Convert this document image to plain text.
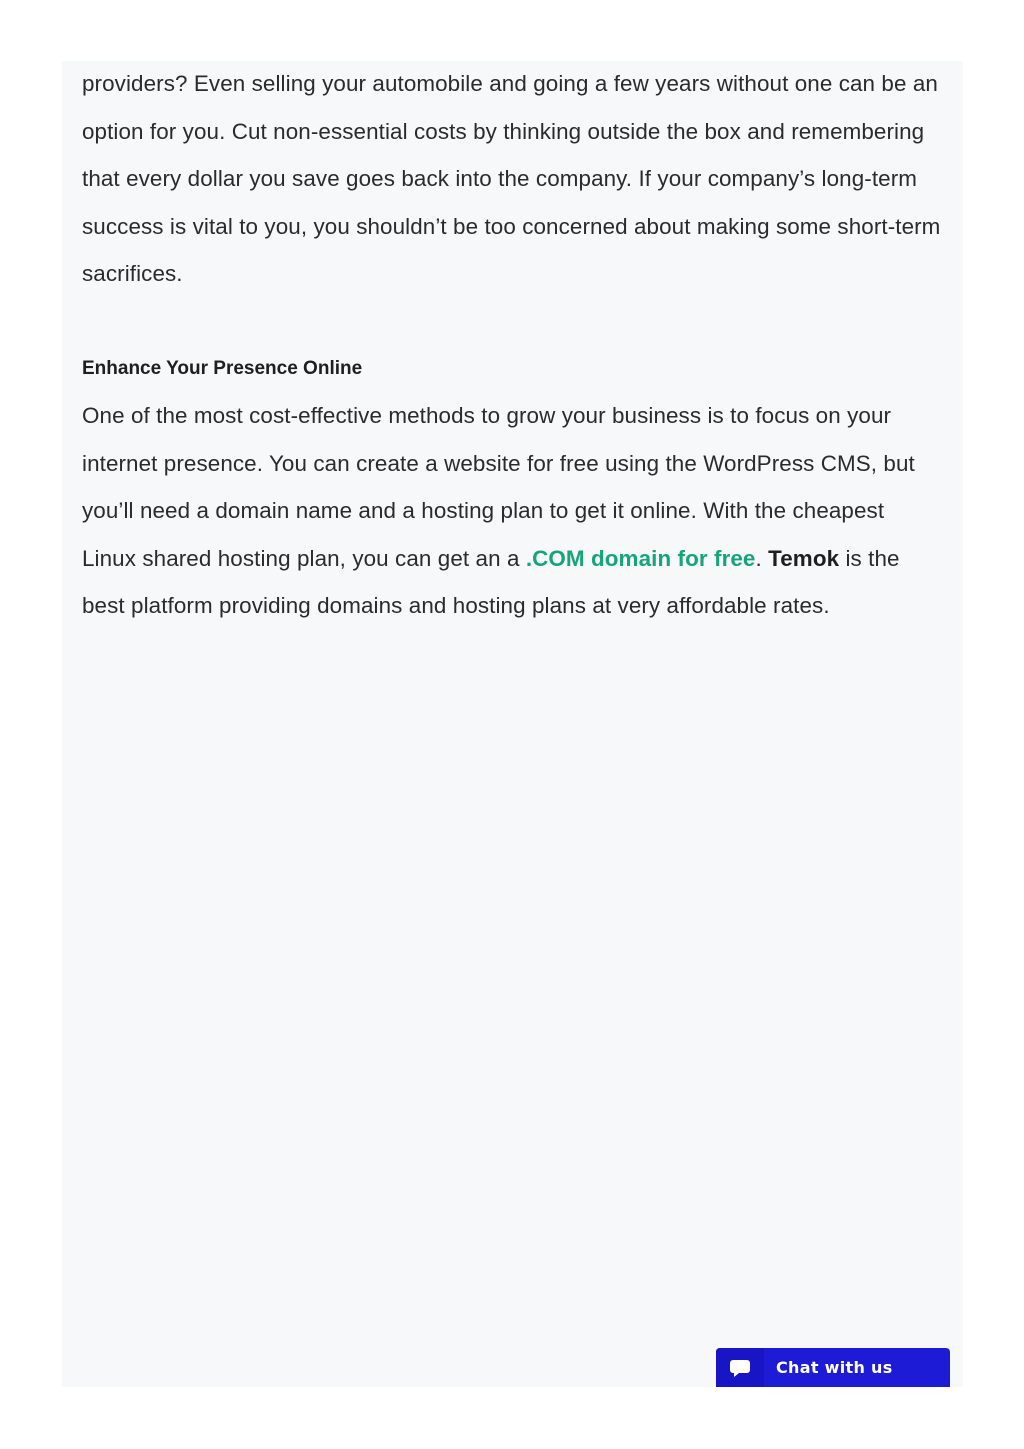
providers? Even selling your automobile and going a few years without one can be an option for you. Cut non-essential costs by thinking outside the box and remembering that every dollar you save goes back into the company. If your company’s long-term success is vital to you, you shouldn’t be too concerned about making some short-term sacrifices.

Enhance Your Presence Online

One of the most cost-effective methods to grow your business is to focus on your internet presence. You can create a website for free using the WordPress CMS, but you’ll need a domain name and a hosting plan to get it online. With the cheapest Linux shared hosting plan, you can get an a .COM domain for free. Temok is the best platform providing domains and hosting plans at very affordable rates.

Chat with us
